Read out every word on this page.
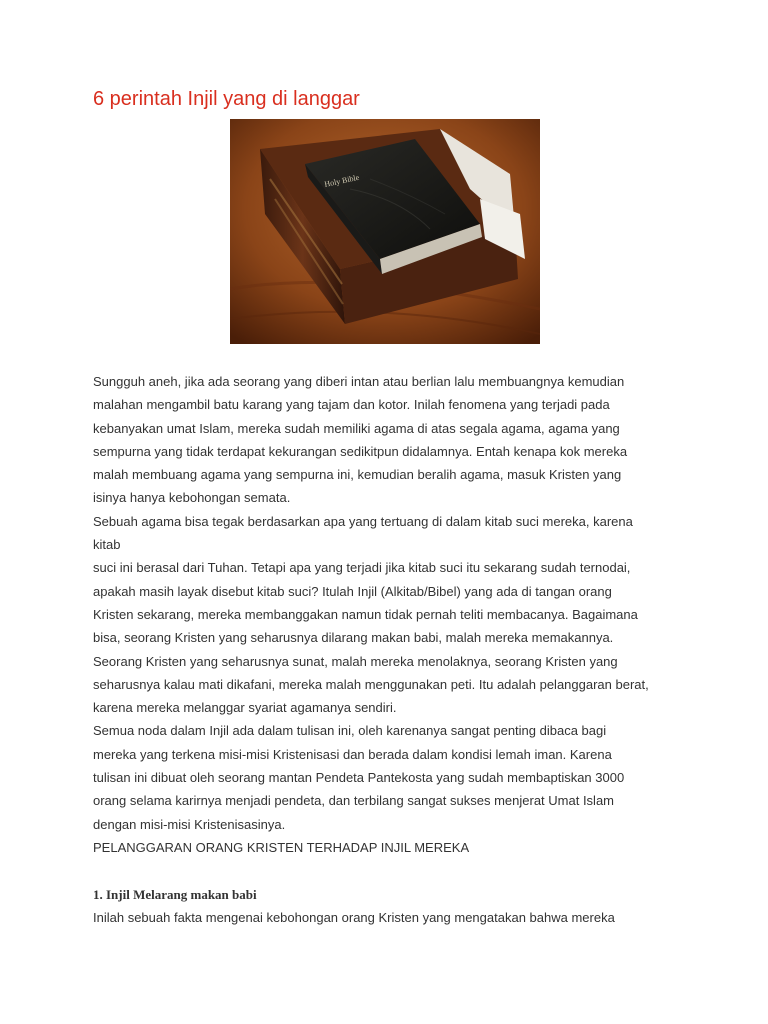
6 perintah Injil yang di langgar
Holy Bible
Sungguh aneh, jika ada seorang yang diberi intan atau berlian lalu membuangnya kemudian
malahan mengambil batu karang yang tajam dan kotor. Inilah fenomena yang terjadi pada
kebanyakan umat Islam, mereka sudah memiliki agama di atas segala agama, agama yang
sempurna yang tidak terdapat kekurangan sedikitpun didalamnya. Entah kenapa kok mereka
malah membuang agama yang sempurna ini, kemudian beralih agama, masuk Kristen yang
isinya hanya kebohongan semata.
Sebuah agama bisa tegak berdasarkan apa yang tertuang di dalam kitab suci mereka, karena
kitab
suci ini berasal dari Tuhan. Tetapi apa yang terjadi jika kitab suci itu sekarang sudah ternodai,
apakah masih layak disebut kitab suci? Itulah Injil (Alkitab/Bibel) yang ada di tangan orang
Kristen sekarang, mereka membanggakan namun tidak pernah teliti membacanya. Bagaimana
bisa, seorang Kristen yang seharusnya dilarang makan babi, malah mereka memakannya.
Seorang Kristen yang seharusnya sunat, malah mereka menolaknya, seorang Kristen yang
seharusnya kalau mati dikafani, mereka malah menggunakan peti. Itu adalah pelanggaran berat,
karena mereka melanggar syariat agamanya sendiri.
Semua noda dalam Injil ada dalam tulisan ini, oleh karenanya sangat penting dibaca bagi
mereka yang terkena misi-misi Kristenisasi dan berada dalam kondisi lemah iman. Karena
tulisan ini dibuat oleh seorang mantan Pendeta Pantekosta yang sudah membaptiskan 3000
orang selama karirnya menjadi pendeta, dan terbilang sangat sukses menjerat Umat Islam
dengan misi-misi Kristenisasinya.
PELANGGARAN ORANG KRISTEN TERHADAP INJIL MEREKA
1. Injil Melarang makan babi
Inilah sebuah fakta mengenai kebohongan orang Kristen yang mengatakan bahwa mereka
